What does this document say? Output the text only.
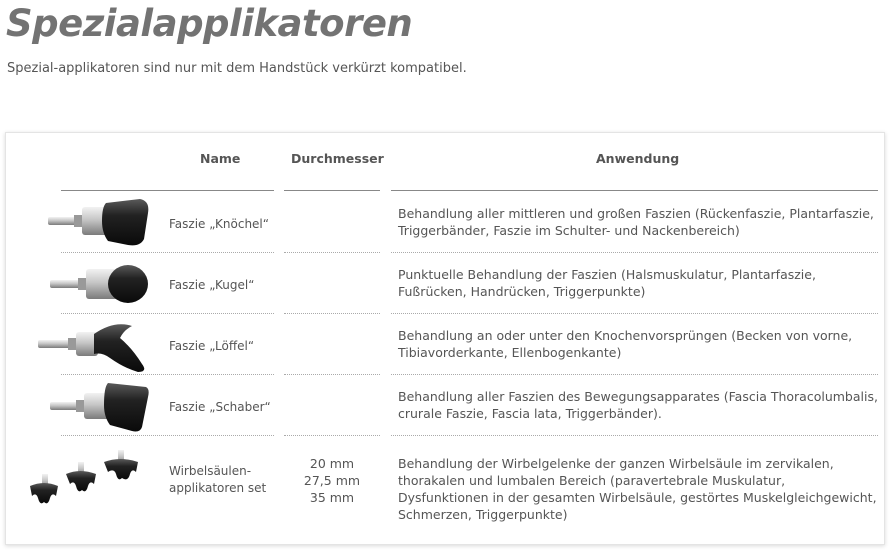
Spezialapplikatoren

Spezial-applikatoren sind nur mit dem Handstück verkürzt kompatibel.

Name	Durchmesser	Anwendung
Faszie „Knöchel“
Behandlung aller mittleren und großen Faszien (Rückenfaszie, Plantarfaszie, Triggerbänder, Faszie im Schulter- und Nackenbereich)
Faszie „Kugel“
Punktuelle Behandlung der Faszien (Halsmuskulatur, Plantarfaszie, Fußrücken, Handrücken, Triggerpunkte)
Faszie „Löffel“
Behandlung an oder unter den Knochenvorsprüngen (Becken von vorne, Tibiavorderkante, Ellenbogenkante)
Faszie „Schaber“
Behandlung aller Faszien des Bewegungsapparates (Fascia Thoracolumbalis, crurale Faszie, Fascia lata, Triggerbänder).
Wirbelsäulen-
applikatoren set
20 mm
27,5 mm
35 mm
Behandlung der Wirbelgelenke der ganzen Wirbelsäule im zervikalen, thorakalen und lumbalen Bereich (paravertebrale Muskulatur, Dysfunktionen in der gesamten Wirbelsäule, gestörtes Muskelgleichgewicht, Schmerzen, Triggerpunkte)
